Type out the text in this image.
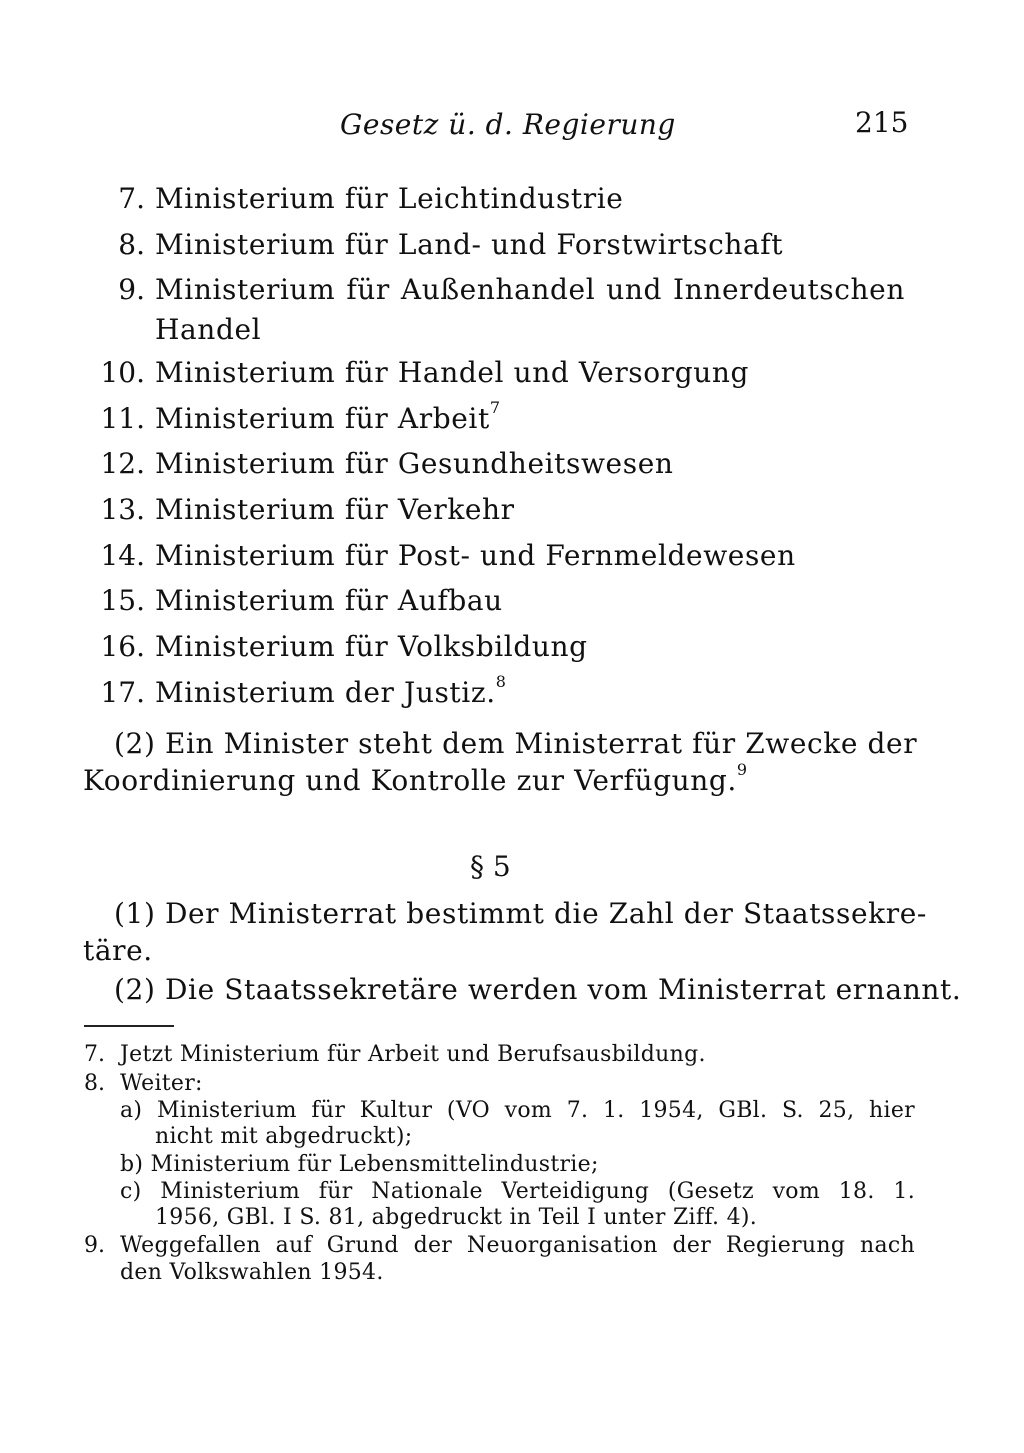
Gesetz ü. d. Regierung	215
7. Ministerium für Leichtindustrie
8. Ministerium für Land- und Forstwirtschaft
9. Ministerium für Außenhandel und Innerdeutschen
Handel
10. Ministerium für Handel und Versorgung
11. Ministerium für Arbeit$^7$
12. Ministerium für Gesundheitswesen
13. Ministerium für Verkehr
14. Ministerium für Post- und Fernmeldewesen
15. Ministerium für Aufbau
16. Ministerium für Volksbildung
17. Ministerium der Justiz.$^8$
(2) Ein Minister steht dem Ministerrat für Zwecke der
Koordinierung und Kontrolle zur Verfügung.$^9$
§ 5
(1) Der Ministerrat bestimmt die Zahl der Staatssekre-
täre.
(2) Die Staatssekretäre werden vom Ministerrat ernannt.
7. Jetzt Ministerium für Arbeit und Berufsausbildung.
8. Weiter:
a) Ministerium für Kultur (VO vom 7. 1. 1954, GBl. S. 25, hier
nicht mit abgedruckt);
b) Ministerium für Lebensmittelindustrie;
c) Ministerium für Nationale Verteidigung (Gesetz vom 18. 1.
1956, GBl. I S. 81, abgedruckt in Teil I unter Ziff. 4).
9. Weggefallen auf Grund der Neuorganisation der Regierung nach
den Volkswahlen 1954.
